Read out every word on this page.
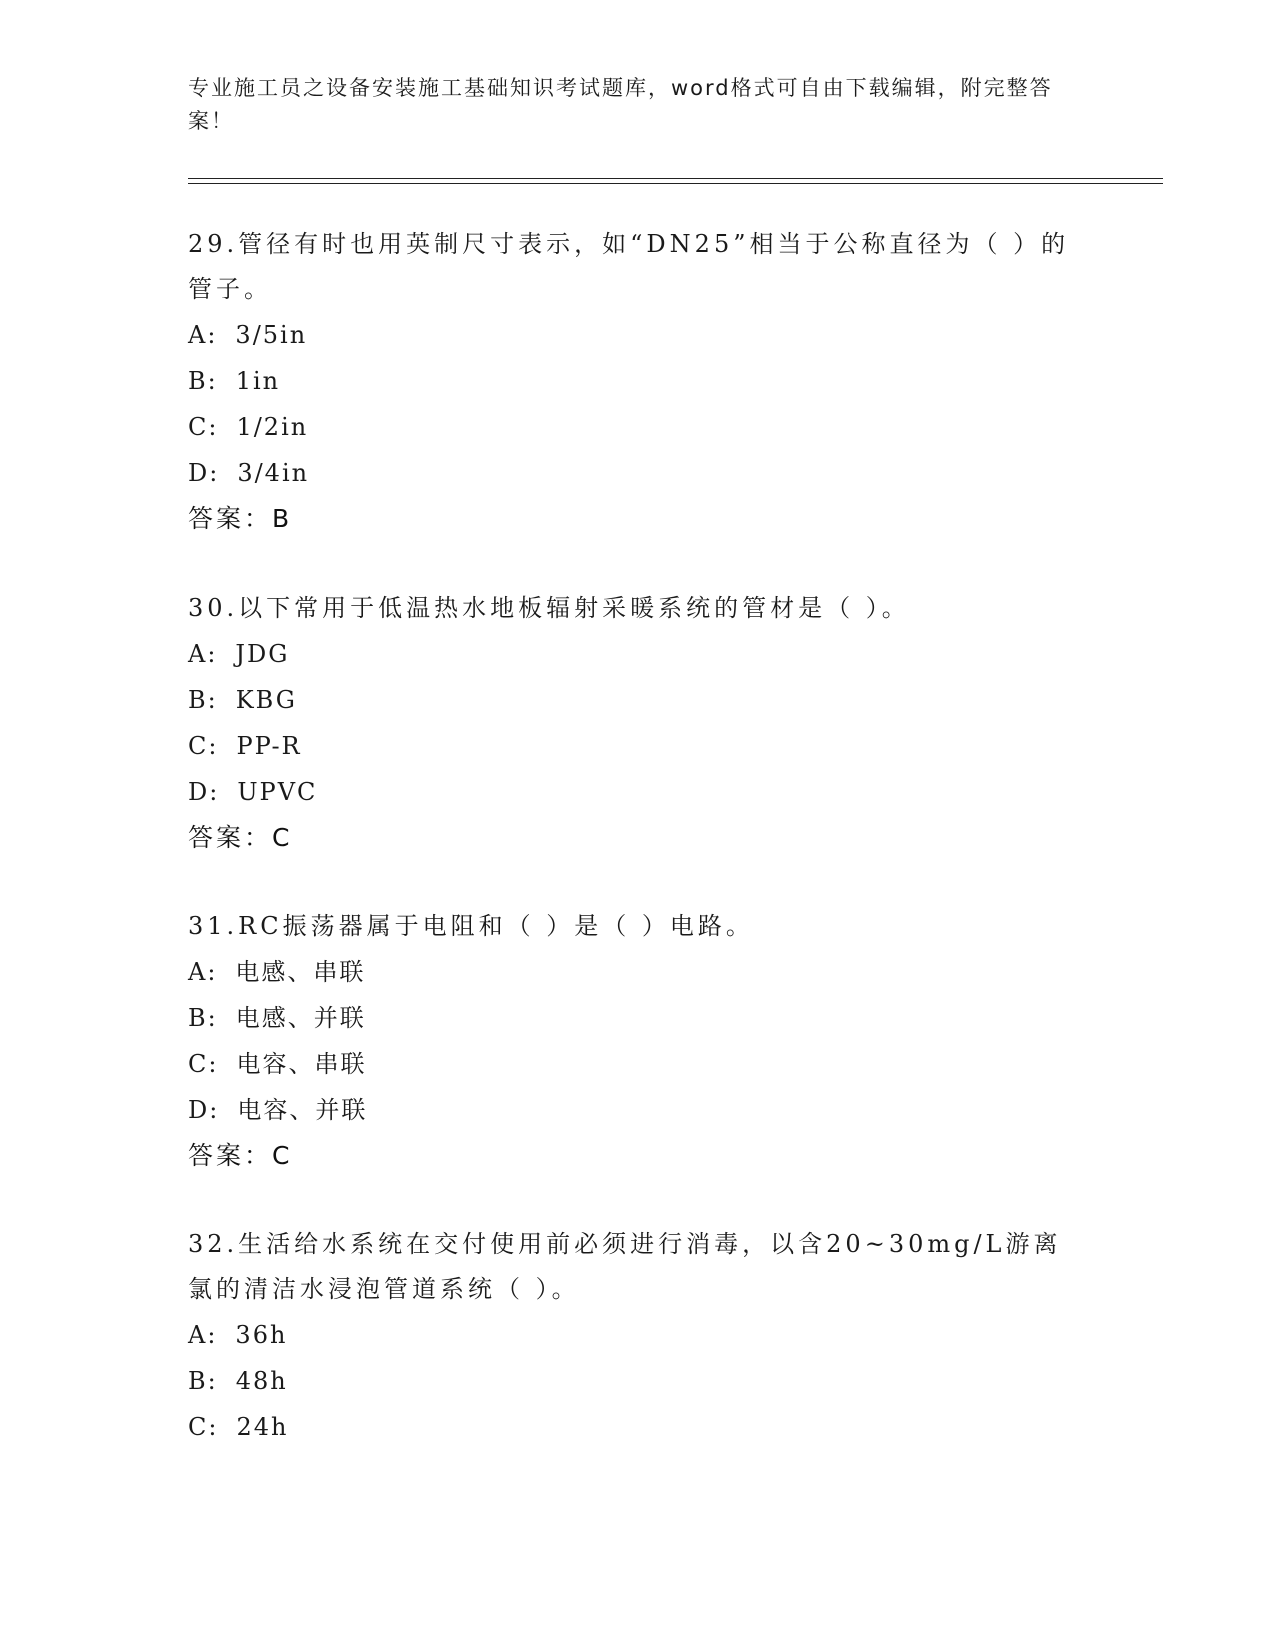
专业施工员之设备安装施工基础知识考试题库，word格式可自由下载编辑，附完整答案！

29.管径有时也用英制尺寸表示，如“DN25”相当于公称直径为（ ）的管子。

A: 3/5in
B: 1in
C: 1/2in
D: 3/4in
答案：B

30.以下常用于低温热水地板辐射采暖系统的管材是（ ）。

A: JDG
B: KBG
C: PP-R
D: UPVC
答案：C

31.RC振荡器属于电阻和（ ）是（ ）电路。

A: 电感、串联
B: 电感、并联
C: 电容、串联
D: 电容、并联
答案：C

32.生活给水系统在交付使用前必须进行消毒，以含20~30mg/L游离氯的清洁水浸泡管道系统（ ）。

A: 36h
B: 48h
C: 24h
